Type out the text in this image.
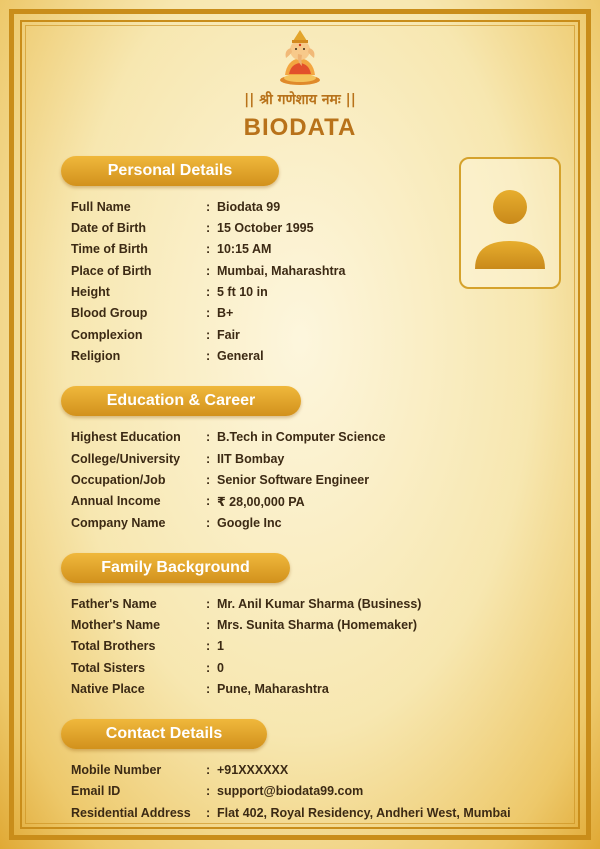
|| श्री गणेशाय नमः ||
BIODATA
Personal Details
Full Name	: Biodata 99
Date of Birth	: 15 October 1995
Time of Birth	: 10:15 AM
Place of Birth	: Mumbai, Maharashtra
Height	: 5 ft 10 in
Blood Group	: B+
Complexion	: Fair
Religion	: General
Education & Career
Highest Education : B.Tech in Computer Science
College/University : IIT Bombay
Occupation/Job	: Senior Software Engineer
Annual Income	: ₹ 28,00,000 PA
Company Name	: Google Inc
Family Background
Father's Name	: Mr. Anil Kumar Sharma (Business)
Mother's Name	: Mrs. Sunita Sharma (Homemaker)
Total Brothers	: 1
Total Sisters	: 0
Native Place	: Pune, Maharashtra
Contact Details
Mobile Number	: +91XXXXXX
Email ID	: support@biodata99.com
Residential Address : Flat 402, Royal Residency, Andheri West, Mumbai
